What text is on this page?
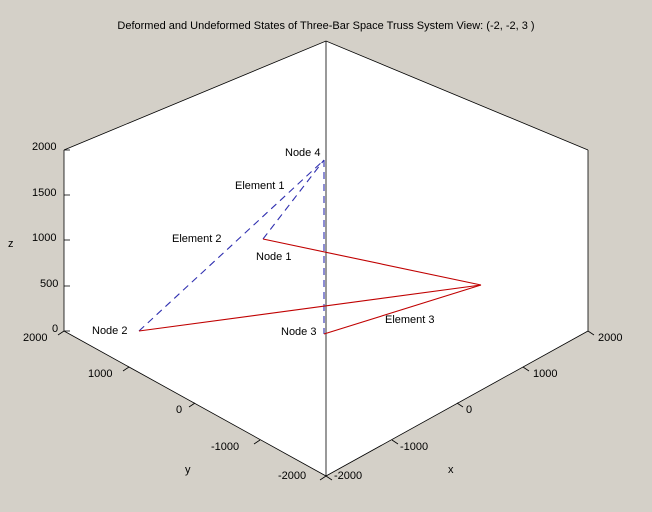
Deformed and Undeformed States of Three-Bar Space Truss System View: (-2, -2, 3 )
2000
1500
1000
500
0
2000
1000
0
-1000
-2000
2000
1000
0
-1000
-2000
z
y	x
Node 4
Element 1
Element 2
Node 1
Node 2	Node 3
Element 3
